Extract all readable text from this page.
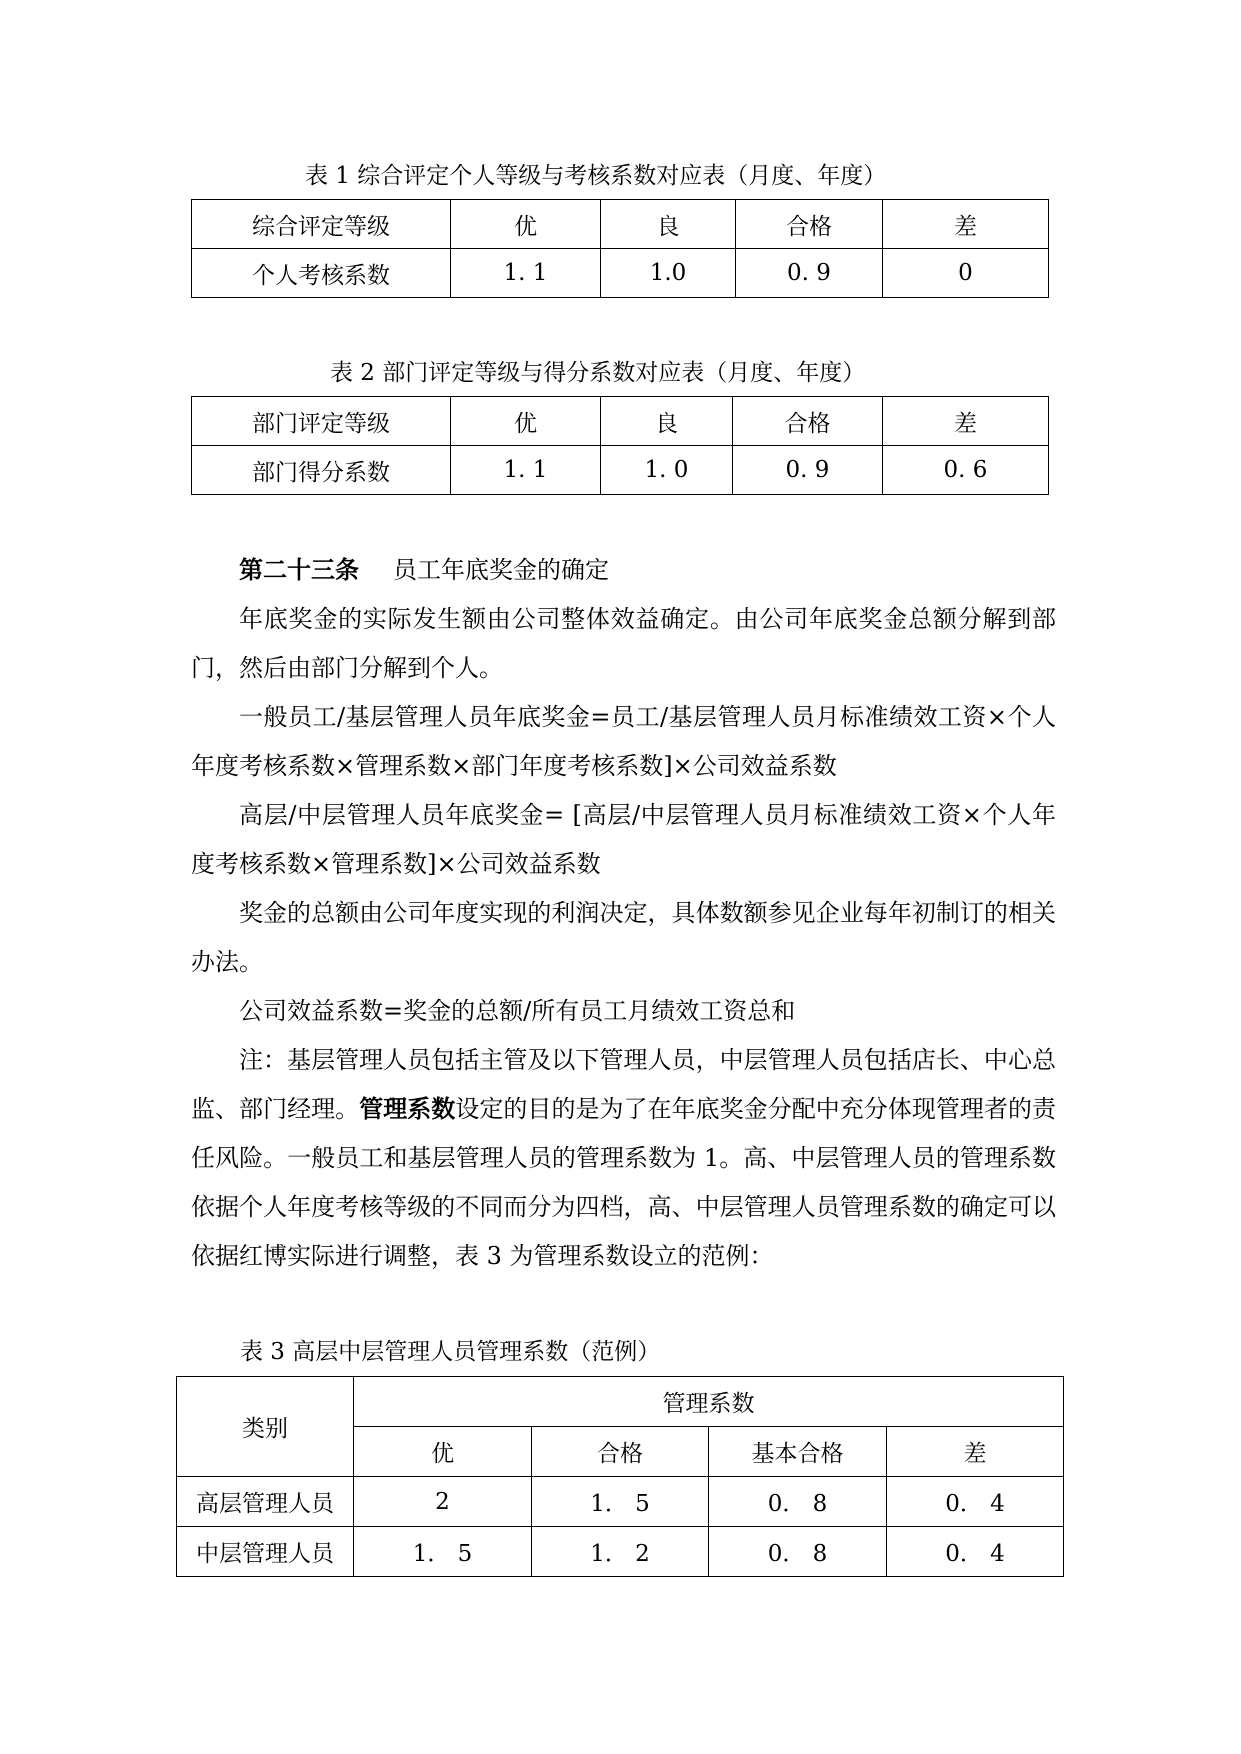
表 1 综合评定个人等级与考核系数对应表（月度、年度）
综合评定等级	优	良	合格	差
个人考核系数	1. 1	1.0	0. 9	0
表 2 部门评定等级与得分系数对应表（月度、年度）
部门评定等级	优	良	合格	差
部门得分系数	1. 1	1. 0	0. 9	0. 6

第二十三条 员工年底奖金的确定

年底奖金的实际发生额由公司整体效益确定。由公司年底奖金总额分解到部门，然后由部门分解到个人。

一般员工/基层管理人员年底奖金=员工/基层管理人员月标准绩效工资×个人年度考核系数×管理系数×部门年度考核系数]×公司效益系数

高层/中层管理人员年底奖金= [高层/中层管理人员月标准绩效工资×个人年度考核系数×管理系数]×公司效益系数

奖金的总额由公司年度实现的利润决定，具体数额参见企业每年初制订的相关办法。

公司效益系数=奖金的总额/所有员工月绩效工资总和

注：基层管理人员包括主管及以下管理人员，中层管理人员包括店长、中心总监、部门经理。管理系数设定的目的是为了在年底奖金分配中充分体现管理者的责任风险。一般员工和基层管理人员的管理系数为 1。高、中层管理人员的管理系数依据个人年度考核等级的不同而分为四档，高、中层管理人员管理系数的确定可以依据红博实际进行调整，表 3 为管理系数设立的范例：

表 3 高层中层管理人员管理系数（范例）
类别	管理系数			
	优	合格	基本合格	差
高层管理人员	2	1． 5	0． 8	0． 4
中层管理人员	1． 5	1． 2	0． 8	0． 4
